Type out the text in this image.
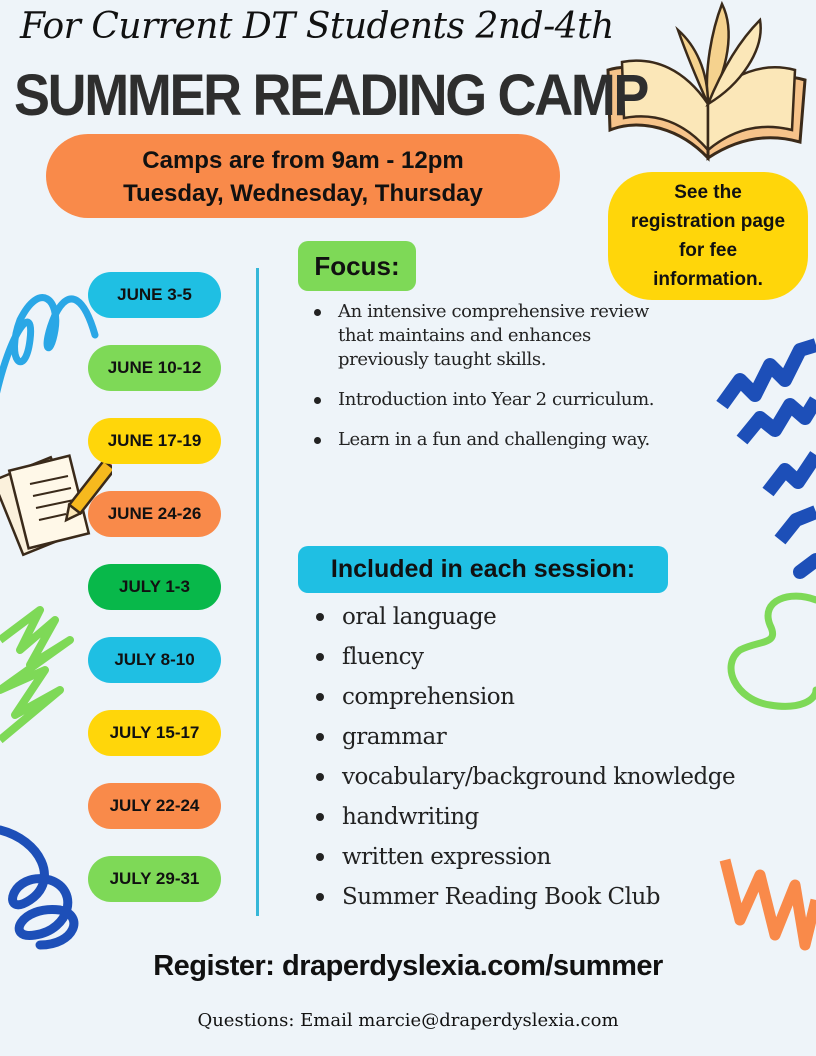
For Current DT Students 2nd-4th
SUMMER READING CAMP
Camps are from 9am - 12pm
Tuesday, Wednesday, Thursday	See the
registration page
for fee
information.
JUNE 3-5
JUNE 10-12
JUNE 17-19
JUNE 24-26
JULY 1-3
JULY 8-10
JULY 15-17
JULY 22-24
JULY 29-31
Focus:
An intensive comprehensive review that maintains and enhances previously taught skills.
Introduction into Year 2 curriculum.
Learn in a fun and challenging way.
Included in each session:
oral language
fluency
comprehension
grammar
vocabulary/background knowledge
handwriting
written expression
Summer Reading Book Club
Register: draperdyslexia.com/summer
Questions: Email marcie@draperdyslexia.com
